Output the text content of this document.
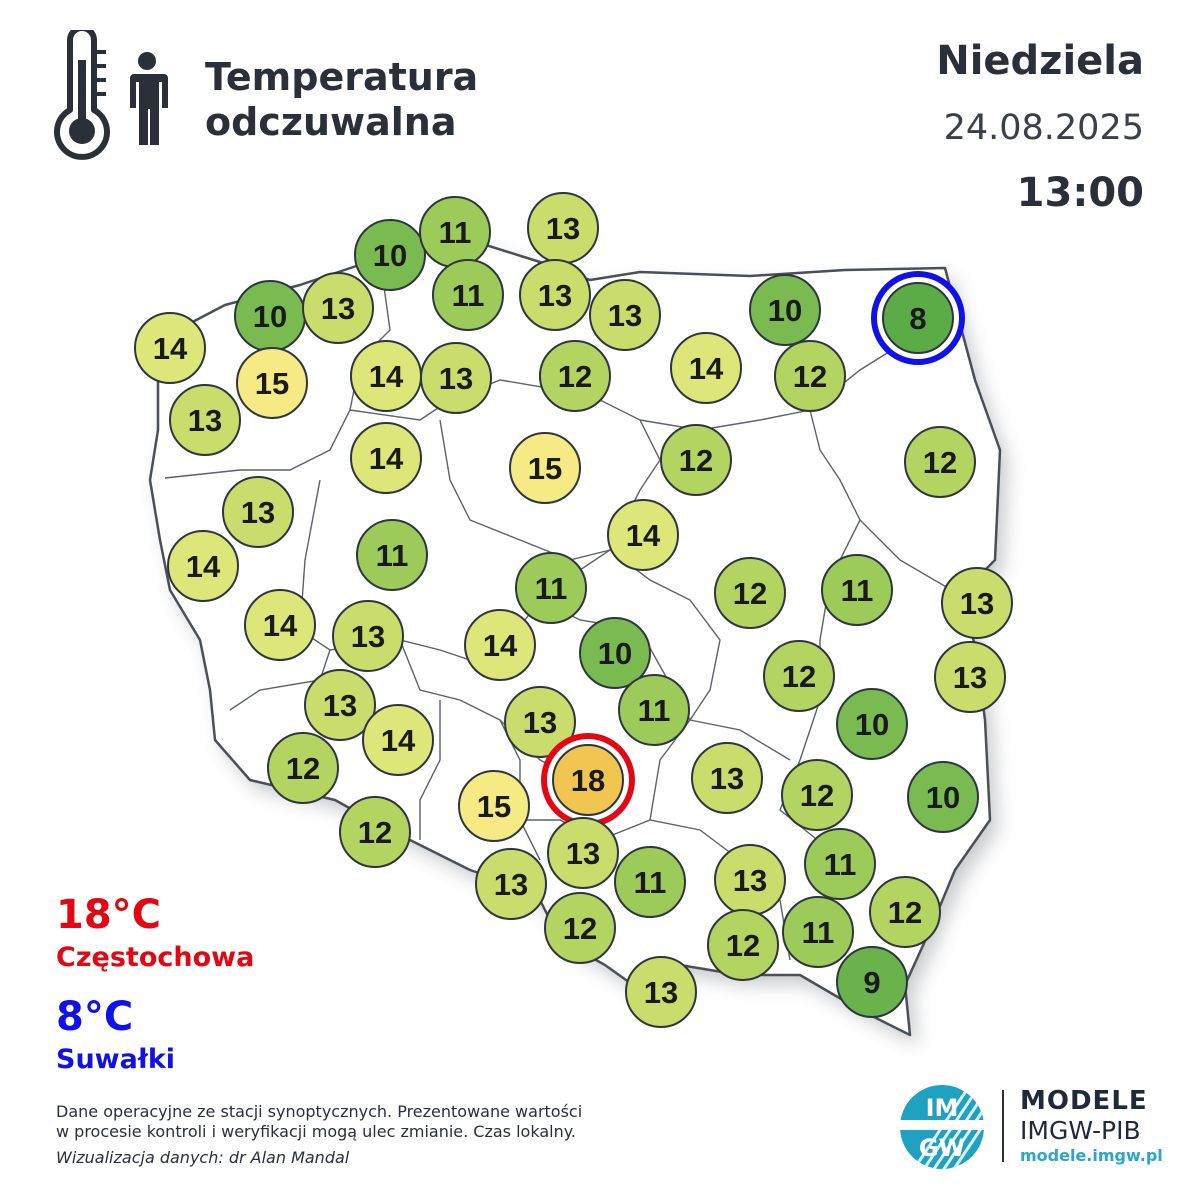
Temperatura
odczuwalna
Niedziela
24.08.2025
13:00
10
11 13
14
10 13	11 13
13	10	8
15	14 13	12	14 12
13
14	15	12	12
13
14
11
14
11	12 11	13
14 13	14	10
12	13
13
14
13	11	10
12	18	13 12	10
15
12
13
13	11 13 11
12	12 11
12
13	9
18°C
Częstochowa
8°C
Suwałki
Dane operacyjne ze stacji synoptycznych. Prezentowane wartości
w procesie kontroli i weryfikacji mogą ulec zmianie. Czas lokalny.
Wizualizacja danych: dr Alan Mandal
IM
GW
MODELE
IMGW-PIB
modele.imgw.pl
